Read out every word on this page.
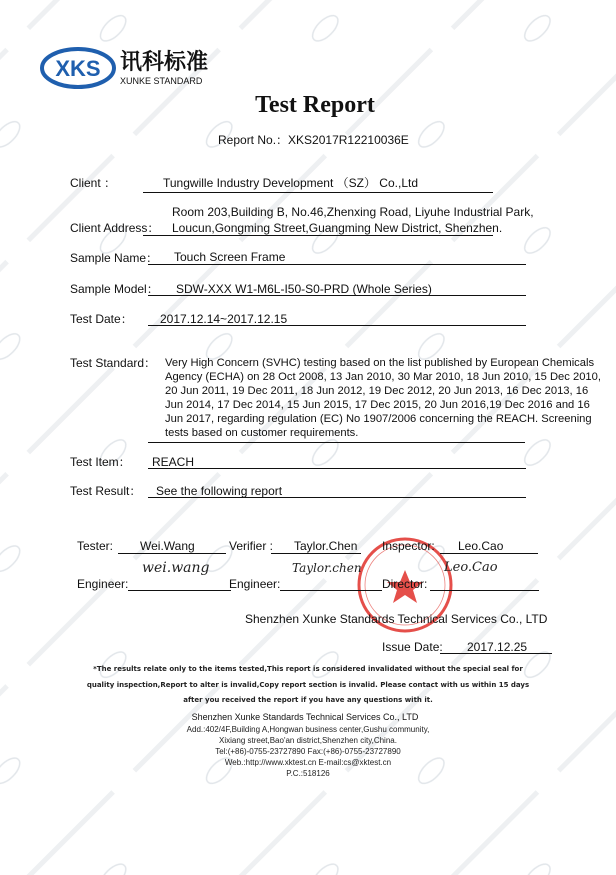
XKS 讯科标准
XUNKE STANDARD
Test Report
Report No.：XKS2017R12210036E
Client ：	Tungwille Industry Development （SZ） Co.,Ltd
Room 203,Building B, No.46,Zhenxing Road, Liyuhe Industrial Park,
Client Address： Loucun,Gongming Street,Guangming New District, Shenzhen.
Sample Name： Touch Screen Frame
Sample Model： SDW-XXX W1-M6L-I50-S0-PRD (Whole Series)
Test Date： 2017.12.14~2017.12.15
Test Standard： Very High Concern (SVHC) testing based on the list published by European Chemicals Agency (ECHA) on 28 Oct 2008, 13 Jan 2010, 30 Mar 2010, 18 Jun 2010, 15 Dec 2010, 20 Jun 2011, 19 Dec 2011, 18 Jun 2012, 19 Dec 2012, 20 Jun 2013, 16 Dec 2013, 16 Jun 2014, 17 Dec 2014, 15 Jun 2015, 17 Dec 2015, 20 Jun 2016,19 Dec 2016 and 16 Jun 2017, regarding regulation (EC) No 1907/2006 concerning the REACH. Screening tests based on customer requirements.
Test Item： REACH
Test Result： See the following report
Tester: Wei.Wang	Verifier : Taylor.Chen Inspector: Leo.Cao
Engineer:
wei.wang
Engineer:
Taylor.chen
Director:
Leo.Cao
Shenzhen Xunke Standards Technical Services Co., LTD
Issue Date: 2017.12.25
*The results relate only to the items tested,This report is considered invalidated without the special seal for
quality inspection,Report to alter is invalid,Copy report section is invalid. Please contact with us within 15 days
after you received the report if you have any questions with it.
Shenzhen Xunke Standards Technical Services Co., LTD
Add.:402/4F,Building A,Hongwan business center,Gushu community,
Xixiang street,Bao'an district,Shenzhen city,China.
Tel:(+86)-0755-23727890 Fax:(+86)-0755-23727890
Web.:http://www.xktest.cn E-mail:cs@xktest.cn
P.C.:518126
